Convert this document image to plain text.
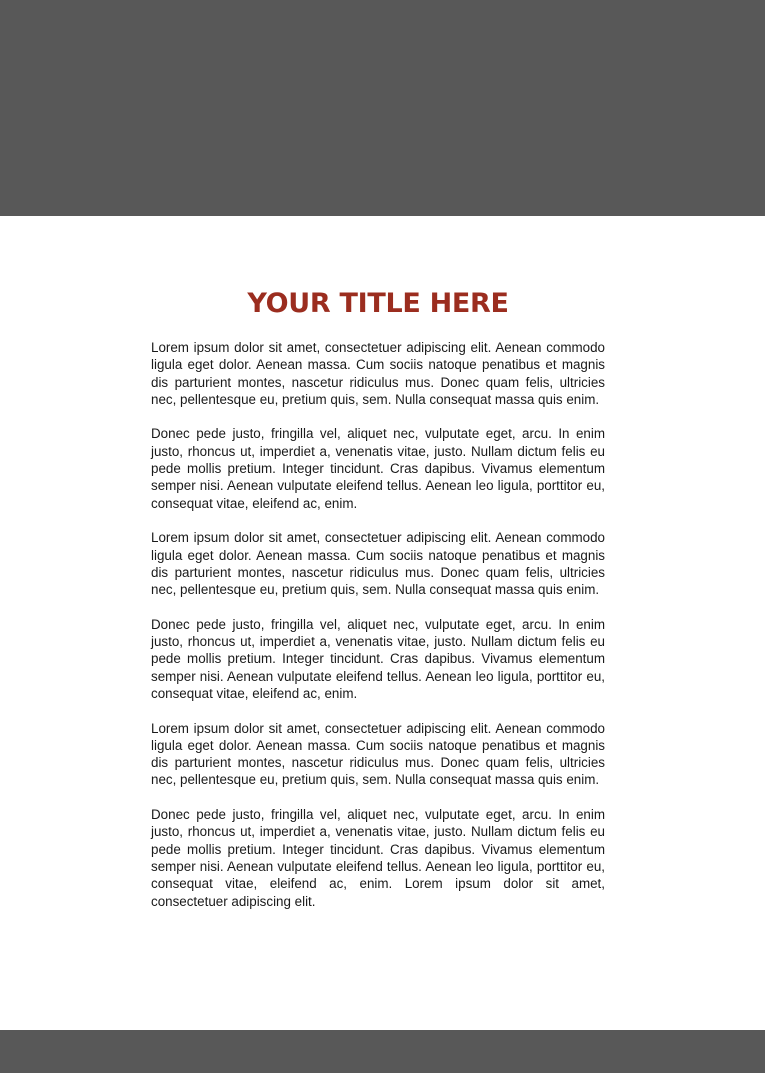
YOUR TITLE HERE

Lorem ipsum dolor sit amet, consectetuer adipiscing elit. Aenean commodo ligula eget dolor. Aenean massa. Cum sociis natoque penatibus et magnis dis parturient montes, nascetur ridiculus mus. Donec quam felis, ultricies nec, pellentesque eu, pretium quis, sem. Nulla consequat massa quis enim.

Donec pede justo, fringilla vel, aliquet nec, vulputate eget, arcu. In enim justo, rhoncus ut, imperdiet a, venenatis vitae, justo. Nullam dictum felis eu pede mollis pretium. Integer tincidunt. Cras dapibus. Vivamus elementum semper nisi. Aenean vulputate eleifend tellus. Aenean leo ligula, porttitor eu, consequat vitae, eleifend ac, enim.

Lorem ipsum dolor sit amet, consectetuer adipiscing elit. Aenean commodo ligula eget dolor. Aenean massa. Cum sociis natoque penatibus et magnis dis parturient montes, nascetur ridiculus mus. Donec quam felis, ultricies nec, pellentesque eu, pretium quis, sem. Nulla consequat massa quis enim.

Donec pede justo, fringilla vel, aliquet nec, vulputate eget, arcu. In enim justo, rhoncus ut, imperdiet a, venenatis vitae, justo. Nullam dictum felis eu pede mollis pretium. Integer tincidunt. Cras dapibus. Vivamus elementum semper nisi. Aenean vulputate eleifend tellus. Aenean leo ligula, porttitor eu, consequat vitae, eleifend ac, enim.

Lorem ipsum dolor sit amet, consectetuer adipiscing elit. Aenean commodo ligula eget dolor. Aenean massa. Cum sociis natoque penatibus et magnis dis parturient montes, nascetur ridiculus mus. Donec quam felis, ultricies nec, pellentesque eu, pretium quis, sem. Nulla consequat massa quis enim.

Donec pede justo, fringilla vel, aliquet nec, vulputate eget, arcu. In enim justo, rhoncus ut, imperdiet a, venenatis vitae, justo. Nullam dictum felis eu pede mollis pretium. Integer tincidunt. Cras dapibus. Vivamus elementum semper nisi. Aenean vulputate eleifend tellus. Aenean leo ligula, porttitor eu, consequat vitae, eleifend ac, enim. Lorem ipsum dolor sit amet, consectetuer adipiscing elit.
